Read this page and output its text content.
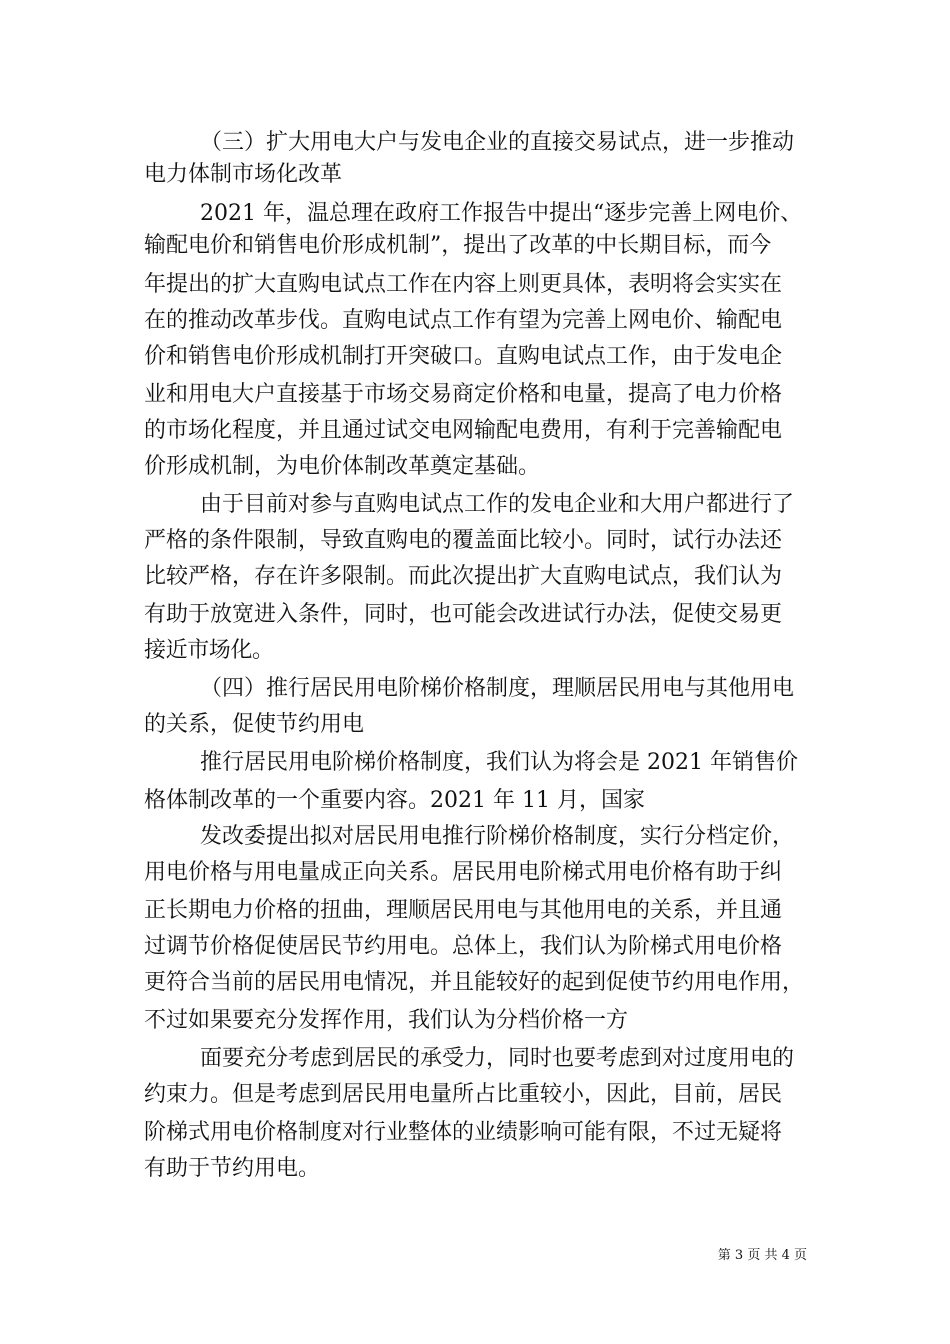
（三）扩大用电大户与发电企业的直接交易试点，进一步推动
电力体制市场化改革
2021 年，温总理在政府工作报告中提出“逐步完善上网电价、
输配电价和销售电价形成机制”，提出了改革的中长期目标，而今
年提出的扩大直购电试点工作在内容上则更具体，表明将会实实在
在的推动改革步伐。直购电试点工作有望为完善上网电价、输配电
价和销售电价形成机制打开突破口。直购电试点工作，由于发电企
业和用电大户直接基于市场交易商定价格和电量，提高了电力价格
的市场化程度，并且通过试交电网输配电费用，有利于完善输配电
价形成机制，为电价体制改革奠定基础。
由于目前对参与直购电试点工作的发电企业和大用户都进行了
严格的条件限制，导致直购电的覆盖面比较小。同时，试行办法还
比较严格，存在许多限制。而此次提出扩大直购电试点，我们认为
有助于放宽进入条件，同时，也可能会改进试行办法，促使交易更
接近市场化。
（四）推行居民用电阶梯价格制度，理顺居民用电与其他用电
的关系，促使节约用电
推行居民用电阶梯价格制度，我们认为将会是 2021 年销售价
格体制改革的一个重要内容。2021 年 11 月，国家
发改委提出拟对居民用电推行阶梯价格制度，实行分档定价，
用电价格与用电量成正向关系。居民用电阶梯式用电价格有助于纠
正长期电力价格的扭曲，理顺居民用电与其他用电的关系，并且通
过调节价格促使居民节约用电。总体上，我们认为阶梯式用电价格
更符合当前的居民用电情况，并且能较好的起到促使节约用电作用，
不过如果要充分发挥作用，我们认为分档价格一方
面要充分考虑到居民的承受力，同时也要考虑到对过度用电的
约束力。但是考虑到居民用电量所占比重较小，因此，目前，居民
阶梯式用电价格制度对行业整体的业绩影响可能有限，不过无疑将
有助于节约用电。
第 3 页 共 4 页
